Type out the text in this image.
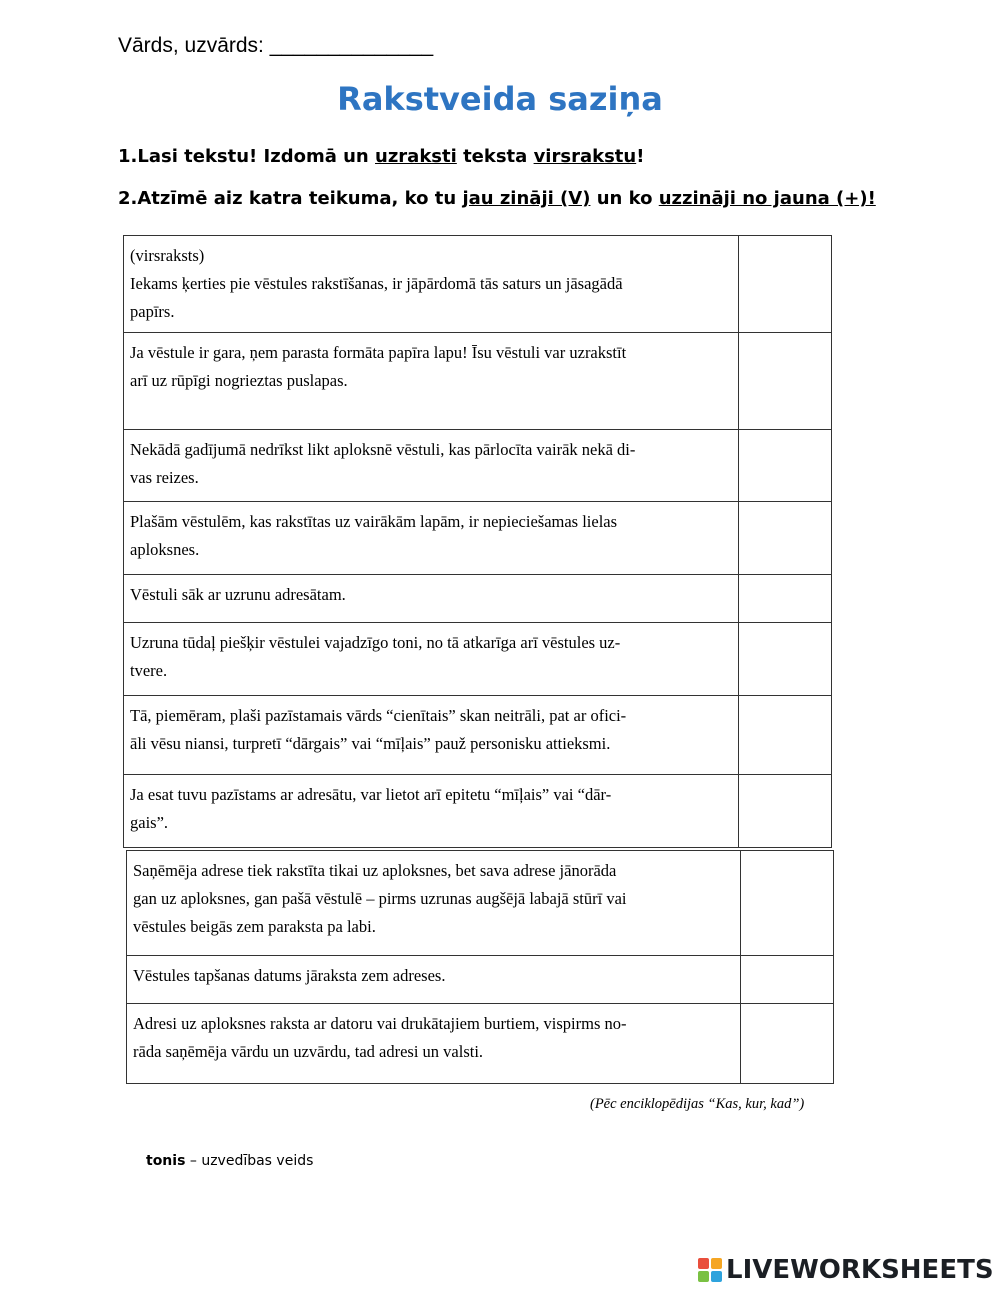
Vārds, uzvārds: ______________
Rakstveida saziņa
1.Lasi tekstu! Izdomā un uzraksti teksta virsrakstu!
2.Atzīmē aiz katra teikuma, ko tu jau zināji (V) un ko uzzināji no jauna (+)!
(virsraksts)
Iekams ķerties pie vēstules rakstīšanas, ir jāpārdomā tās saturs un jāsagādā
papīrs.	

Ja vēstule ir gara, ņem parasta formāta papīra lapu! Īsu vēstuli var uzrakstīt
arī uz rūpīgi nogrieztas puslapas.	

Nekādā gadījumā nedrīkst likt aploksnē vēstuli, kas pārlocīta vairāk nekā di-
vas reizes.	

Plašām vēstulēm, kas rakstītas uz vairākām lapām, ir nepieciešamas lielas
aploksnes.	

Vēstuli sāk ar uzrunu adresātam.	

Uzruna tūdaļ piešķir vēstulei vajadzīgo toni, no tā atkarīga arī vēstules uz-
tvere.	

Tā, piemēram, plaši pazīstamais vārds “cienītais” skan neitrāli, pat ar ofici-
āli vēsu niansi, turpretī “dārgais” vai “mīļais” pauž personisku attieksmi.	

Ja esat tuvu pazīstams ar adresātu, var lietot arī epitetu “mīļais” vai “dār-
gais”.	

Saņēmēja adrese tiek rakstīta tikai uz aploksnes, bet sava adrese jānorāda
gan uz aploksnes, gan pašā vēstulē – pirms uzrunas augšējā labajā stūrī vai
vēstules beigās zem paraksta pa labi.	

Vēstules tapšanas datums jāraksta zem adreses.	

Adresi uz aploksnes raksta ar datoru vai drukātajiem burtiem, vispirms no-
rāda saņēmēja vārdu un uzvārdu, tad adresi un valsti.	

(Pēc enciklopēdijas “Kas, kur, kad”)
tonis – uzvedības veids
LIVEWORKSHEETS
